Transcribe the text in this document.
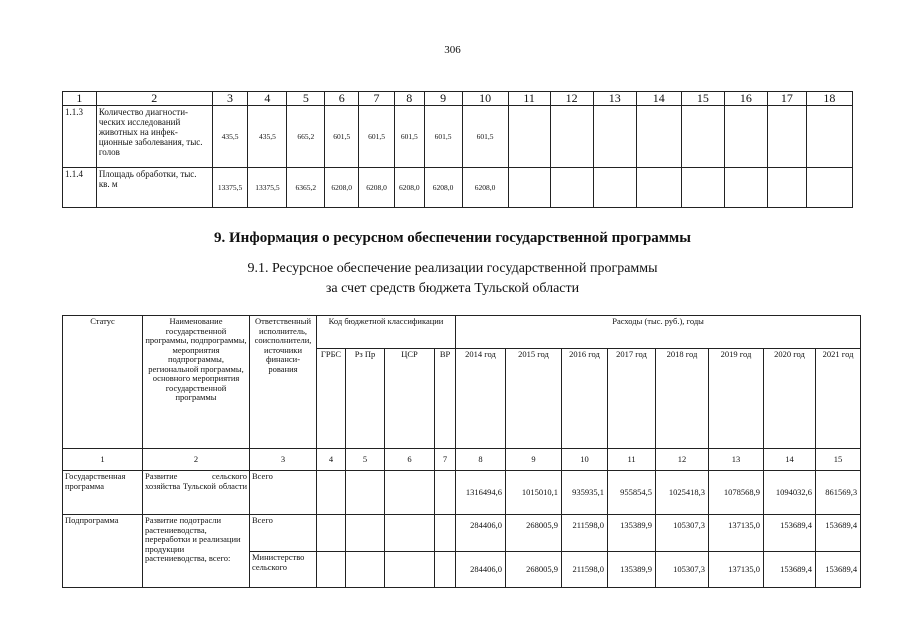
306
1	2	3	4	5	6	7	8	9	10	11	12	13	14	15	16	17	18
1.1.3	Количество диагности-ческих исследований животных на инфек-ционные заболевания, тыс. голов	435,5	435,5	665,2	601,5	601,5	601,5	601,5	601,5								
1.1.4	Площадь обработки, тыс. кв. м	13375,5	13375,5	6365,2	6208,0	6208,0	6208,0	6208,0	6208,0								
9. Информация о ресурсном обеспечении государственной программы
9.1. Ресурсное обеспечение реализации государственной программы
за счет средств бюджета Тульской области
Статус	Наименование государственной программы, подпрограммы, мероприятия подпрограммы, региональной программы, основного мероприятия государственной программы	Ответственный исполнитель, соисполнители, источники финанси-рования	Код бюджетной классификации				Расходы (тыс. руб.), годы							
			ГРБС	Рз Пр	ЦСР	ВР	2014 год	2015 год	2016 год	2017 год	2018 год	2019 год	2020 год	2021 год
1	2	3	4	5	6	7	8	9	10	11	12	13	14	15
Государственная программа	Развитие сельского хозяйства Тульской области	Всего					1316494,6	1015010,1	935935,1	955854,5	1025418,3	1078568,9	1094032,6	861569,3
Подпрограмма	Развитие подотрасли растениеводства, переработки и реализации продукции растениеводства, всего:	Всего					284406,0	268005,9	211598,0	135389,9	105307,3	137135,0	153689,4	153689,4
		Министерство сельского					284406,0	268005,9	211598,0	135389,9	105307,3	137135,0	153689,4	153689,4
